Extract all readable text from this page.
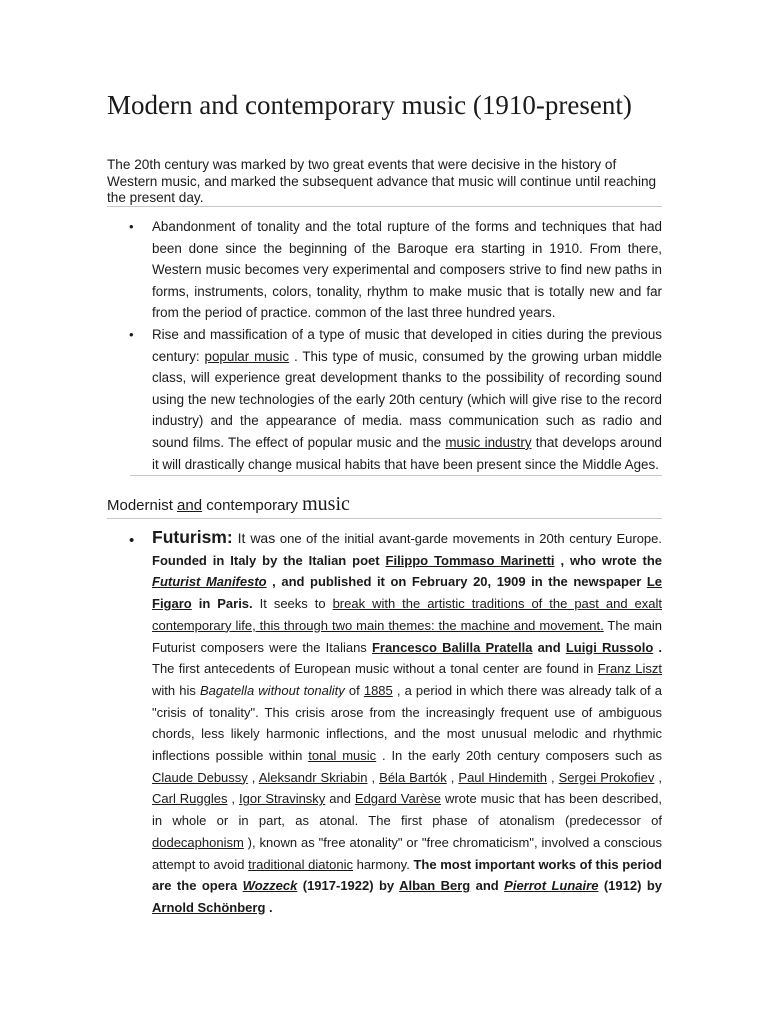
Modern and contemporary music (1910-present)

The 20th century was marked by two great events that were decisive in the history of Western music, and marked the subsequent advance that music will continue until reaching the present day.

• Abandonment of tonality and the total rupture of the forms and techniques that had been done since the beginning of the Baroque era starting in 1910. From there, Western music becomes very experimental and composers strive to find new paths in forms, instruments, colors, tonality, rhythm to make music that is totally new and far from the period of practice. common of the last three hundred years.

• Rise and massification of a type of music that developed in cities during the previous century: popular music . This type of music, consumed by the growing urban middle class, will experience great development thanks to the possibility of recording sound using the new technologies of the early 20th century (which will give rise to the record industry) and the appearance of media. mass communication such as radio and sound films. The effect of popular music and the music industry that develops around it will drastically change musical habits that have been present since the Middle Ages.

Modernist and contemporary music
• Futurism: It was one of the initial avant-garde movements in 20th century Europe. Founded in Italy by the Italian poet Filippo Tommaso Marinetti , who wrote the Futurist Manifesto , and published it on February 20, 1909 in the newspaper Le Figaro in Paris. It seeks to break with the artistic traditions of the past and exalt contemporary life, this through two main themes: the machine and movement. The main Futurist composers were the Italians Francesco Balilla Pratella and Luigi Russolo . The first antecedents of European music without a tonal center are found in Franz Liszt with his Bagatella without tonality of 1885 , a period in which there was already talk of a "crisis of tonality". This crisis arose from the increasingly frequent use of ambiguous chords, less likely harmonic inflections, and the most unusual melodic and rhythmic inflections possible within tonal music . In the early 20th century composers such as Claude Debussy , Aleksandr Skriabin , Béla Bartók , Paul Hindemith , Sergei Prokofiev , Carl Ruggles , Igor Stravinsky and Edgard Varèse wrote music that has been described, in whole or in part, as atonal. The first phase of atonalism (predecessor of dodecaphonism ), known as "free atonality" or "free chromaticism", involved a conscious attempt to avoid traditional diatonic harmony. The most important works of this period are the opera Wozzeck (1917-1922) by Alban Berg and Pierrot Lunaire (1912) by Arnold Schönberg .
